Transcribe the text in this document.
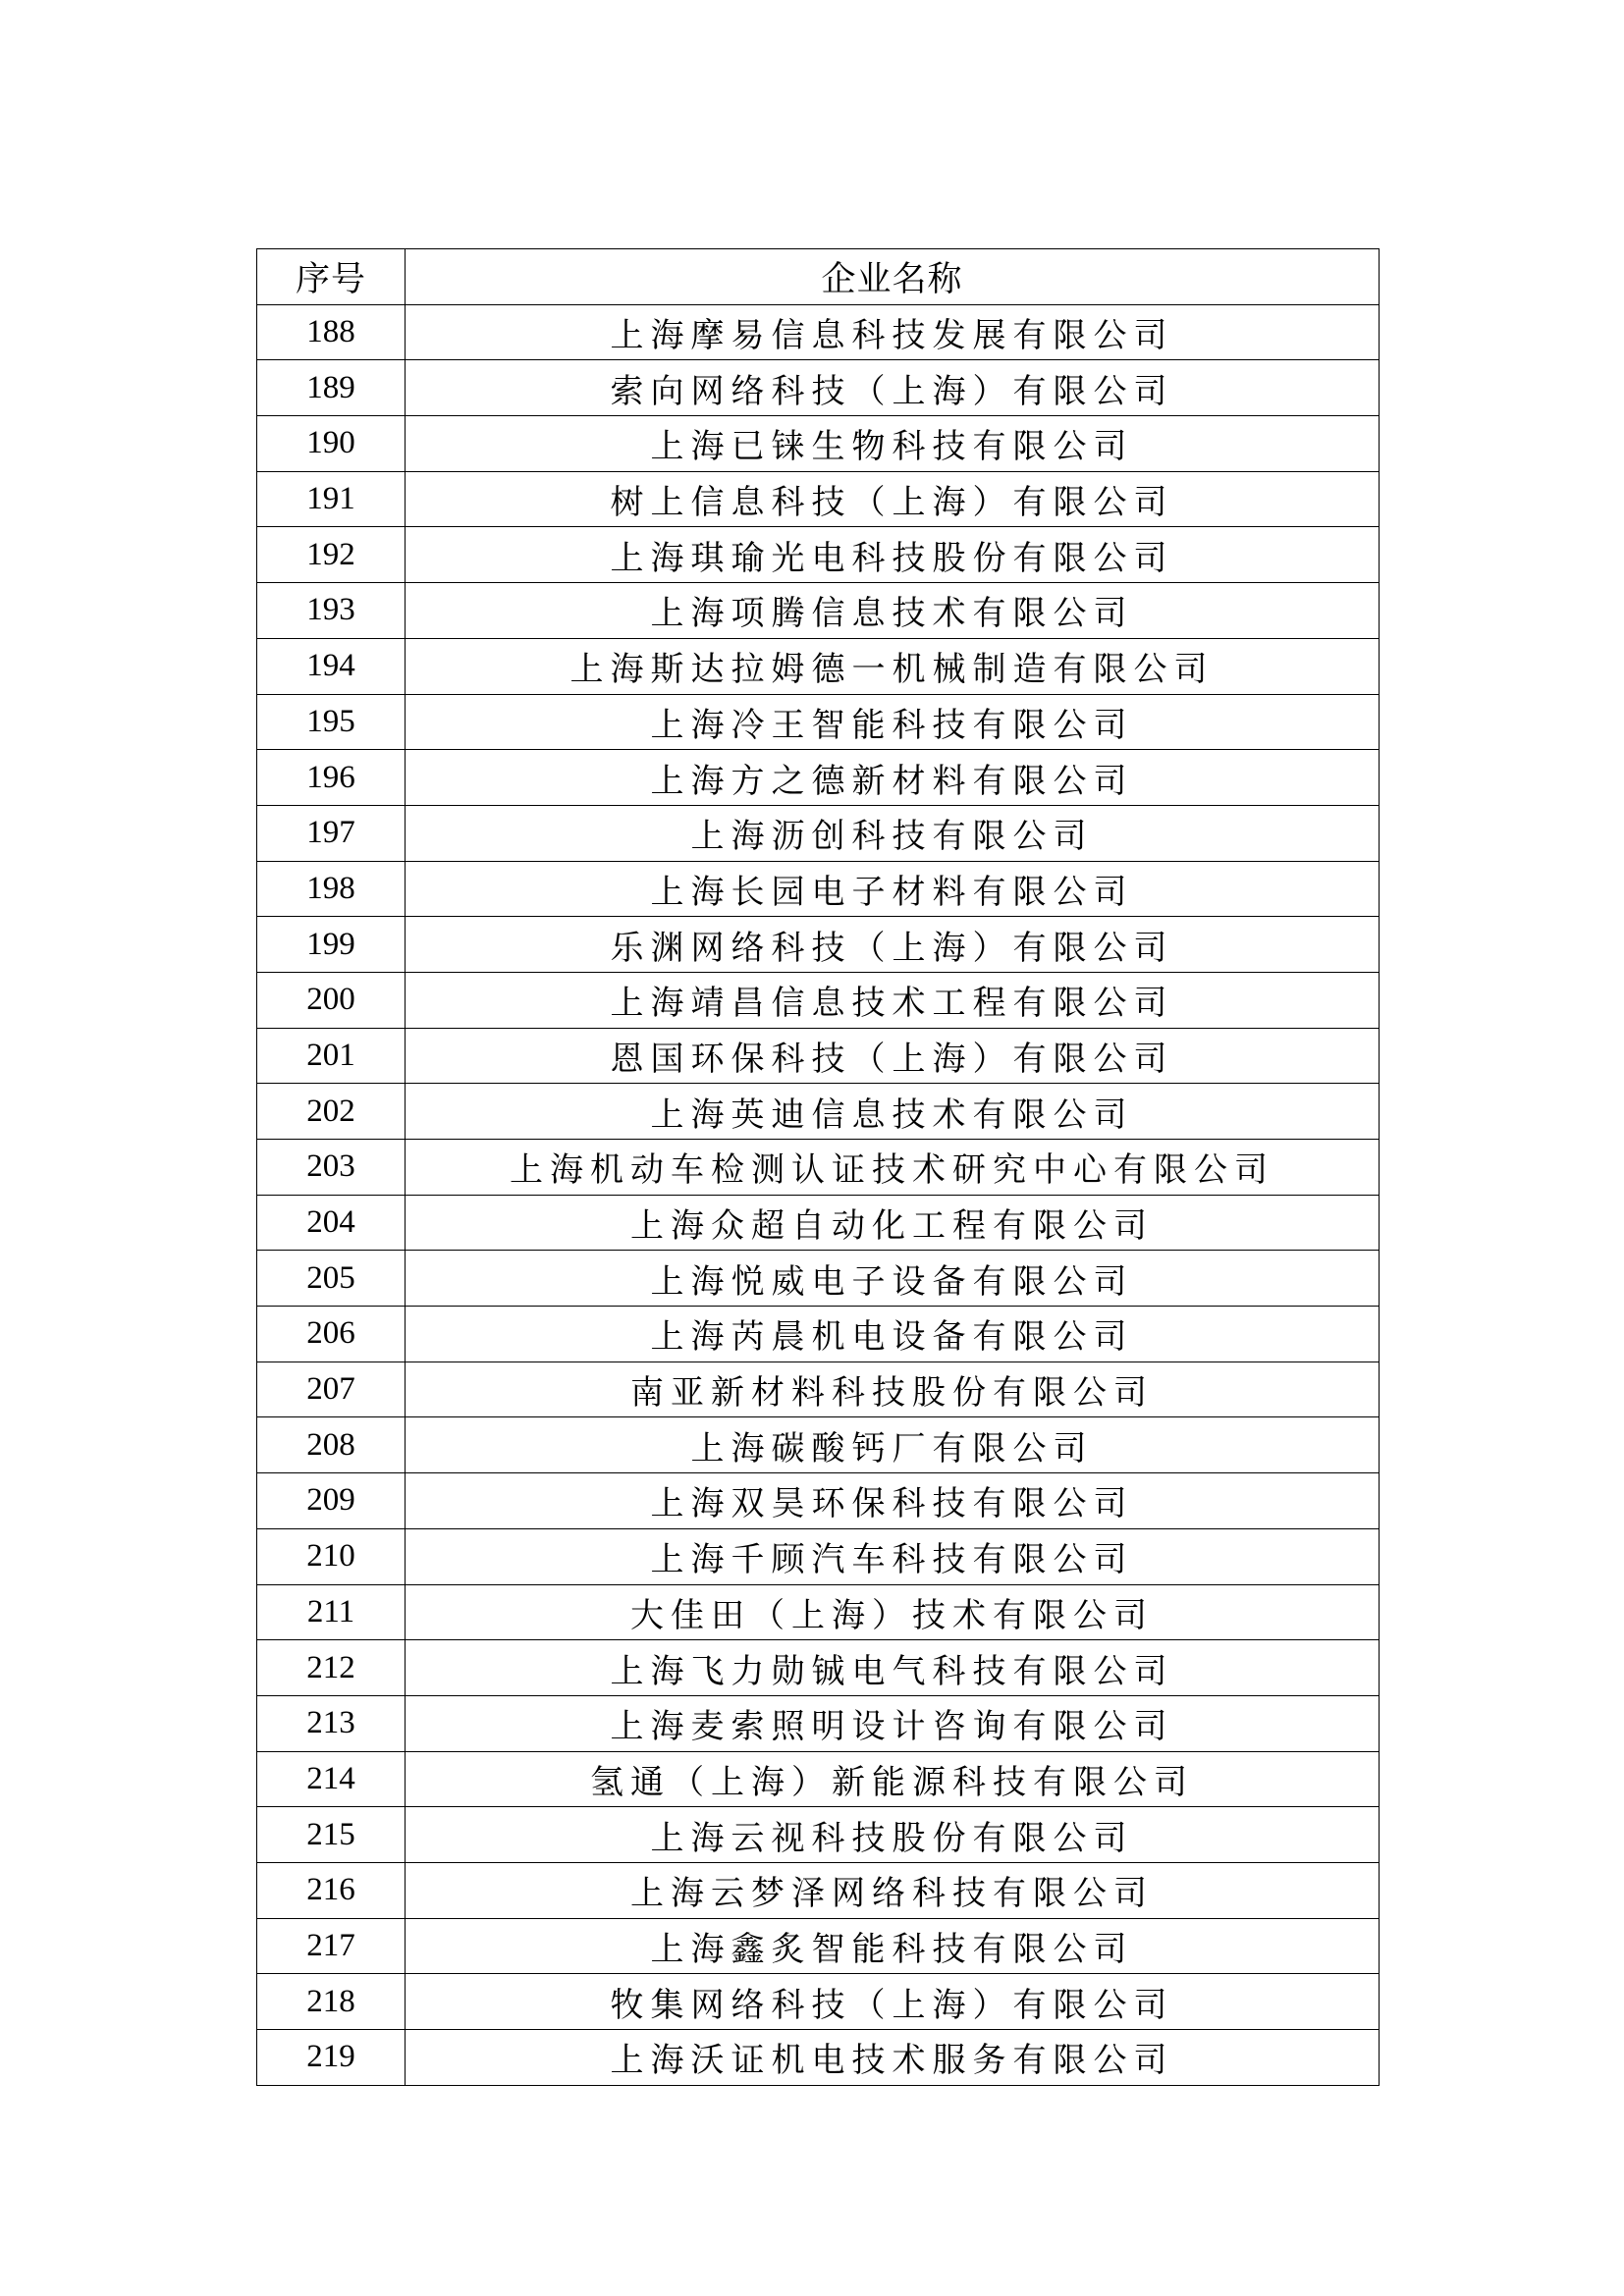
序号	企业名称
188	上海摩易信息科技发展有限公司
189	索向网络科技（上海）有限公司
190	上海已铼生物科技有限公司
191	树上信息科技（上海）有限公司
192	上海琪瑜光电科技股份有限公司
193	上海项腾信息技术有限公司
194	上海斯达拉姆德一机械制造有限公司
195	上海冷王智能科技有限公司
196	上海方之德新材料有限公司
197	上海沥创科技有限公司
198	上海长园电子材料有限公司
199	乐渊网络科技（上海）有限公司
200	上海靖昌信息技术工程有限公司
201	恩国环保科技（上海）有限公司
202	上海英迪信息技术有限公司
203	上海机动车检测认证技术研究中心有限公司
204	上海众超自动化工程有限公司
205	上海悦威电子设备有限公司
206	上海芮晨机电设备有限公司
207	南亚新材料科技股份有限公司
208	上海碳酸钙厂有限公司
209	上海双昊环保科技有限公司
210	上海千顾汽车科技有限公司
211	大佳田（上海）技术有限公司
212	上海飞力勋铖电气科技有限公司
213	上海麦索照明设计咨询有限公司
214	氢通（上海）新能源科技有限公司
215	上海云视科技股份有限公司
216	上海云梦泽网络科技有限公司
217	上海鑫炙智能科技有限公司
218	牧集网络科技（上海）有限公司
219	上海沃证机电技术服务有限公司
